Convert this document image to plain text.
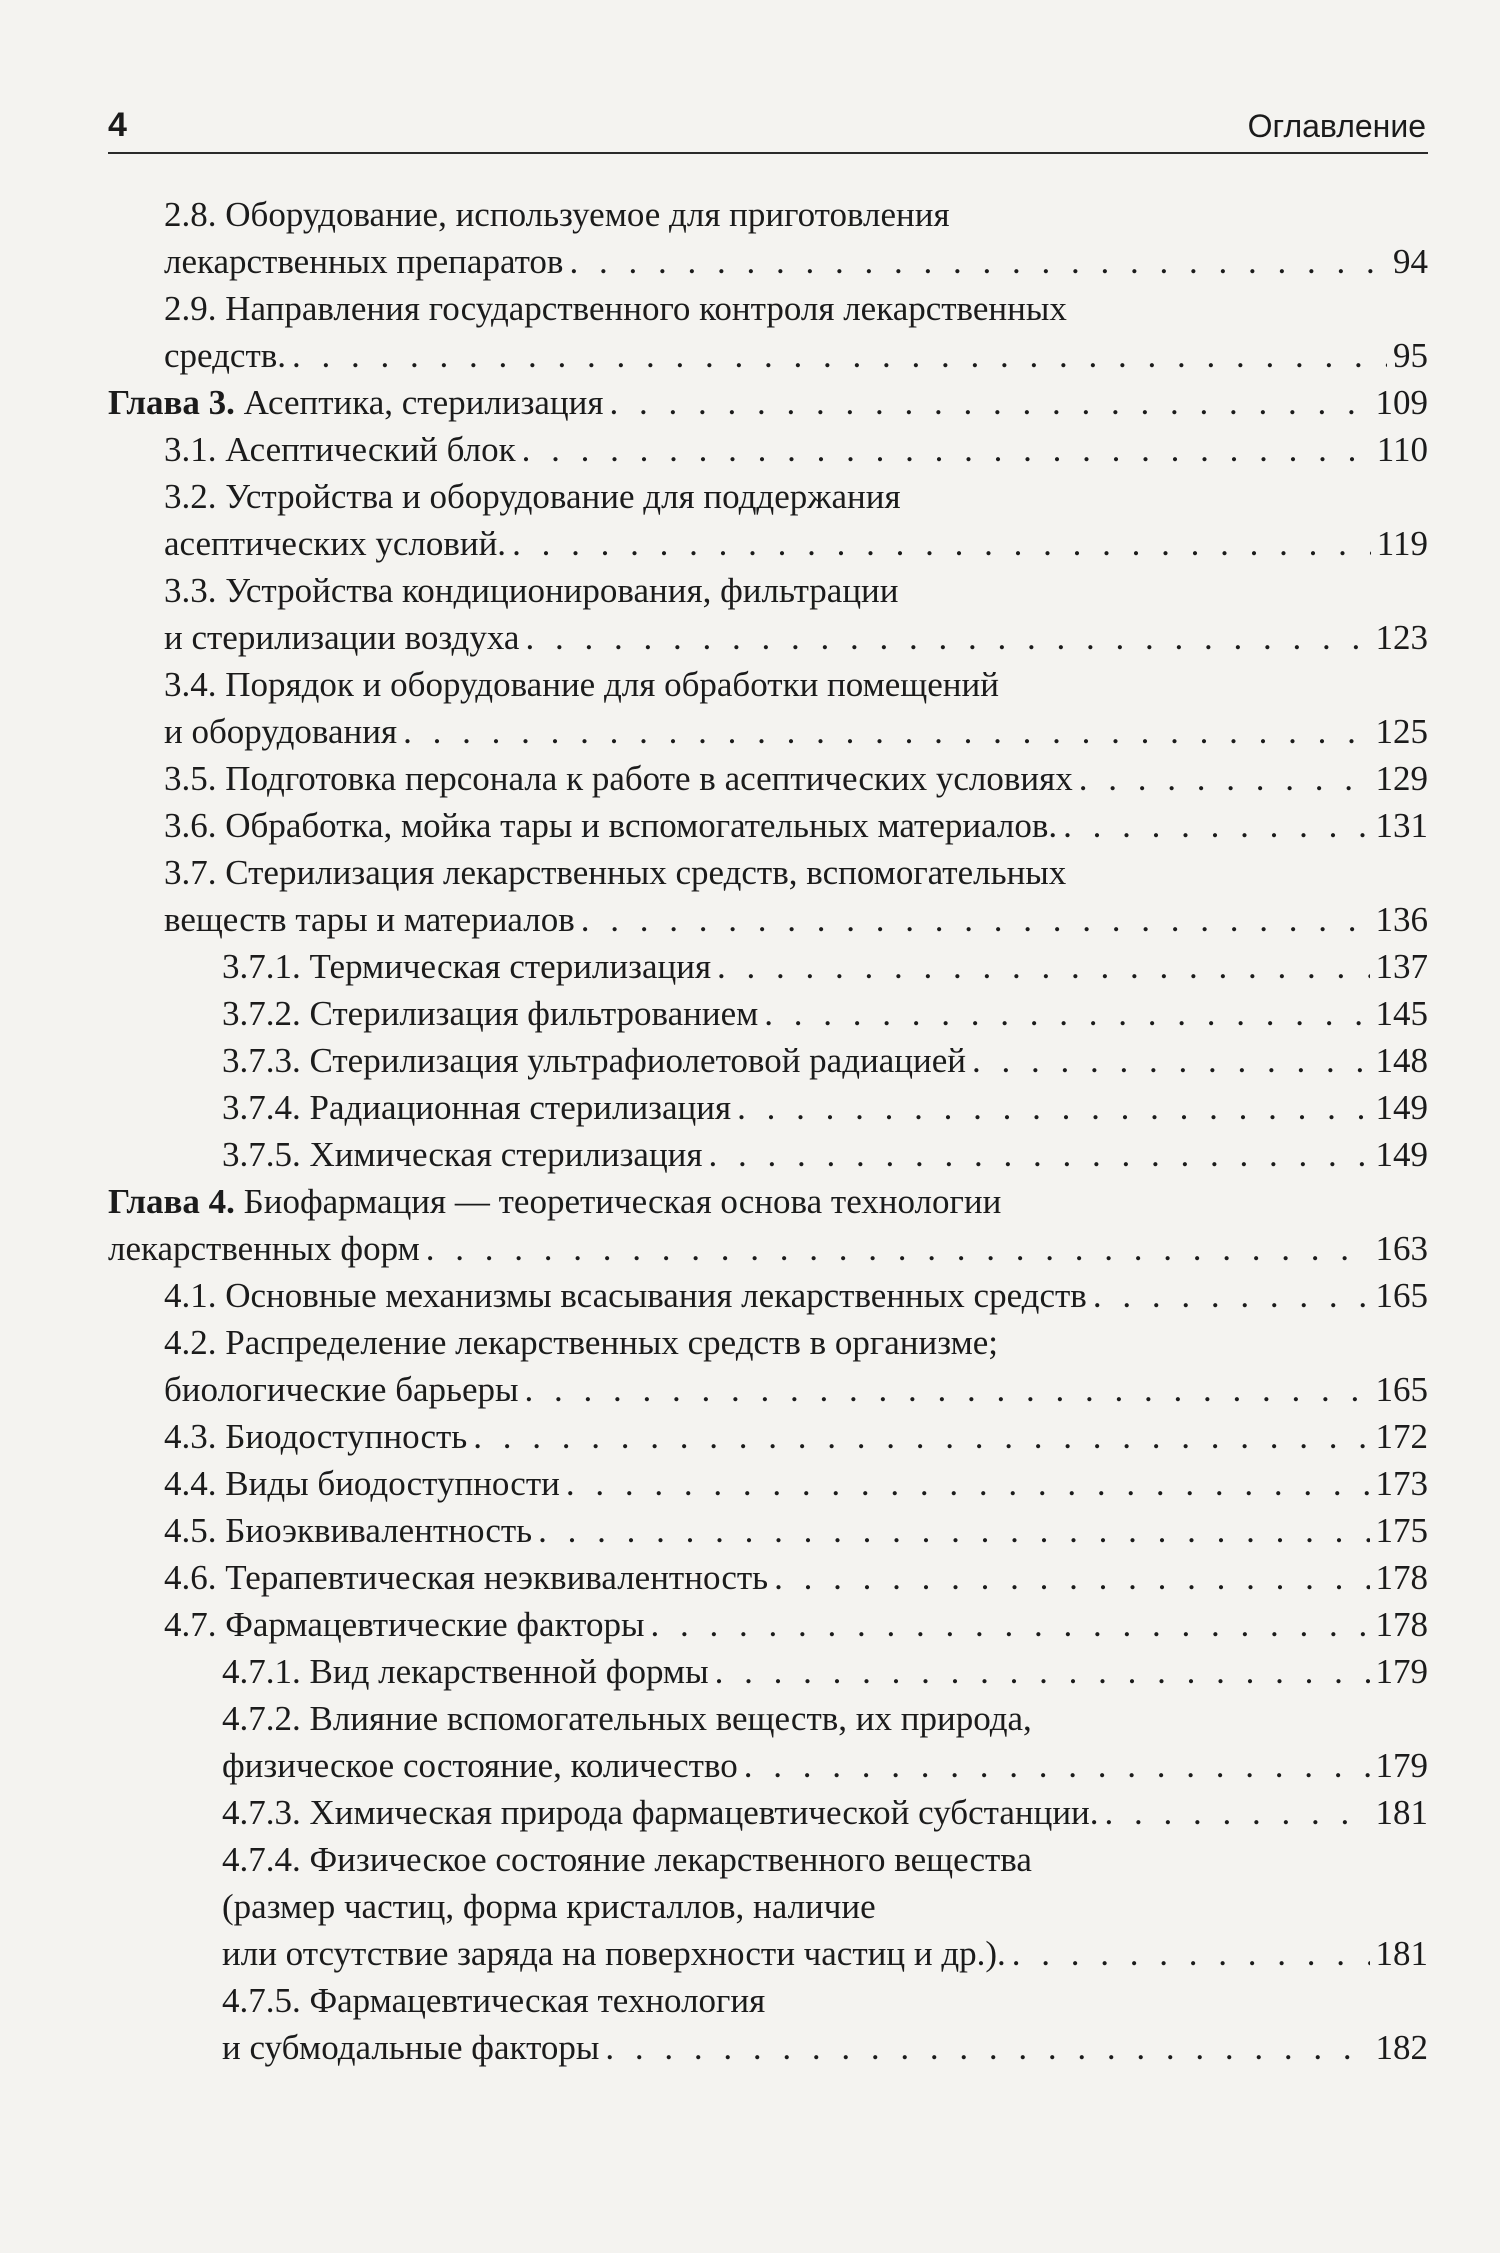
4	Оглавление
2.8. Оборудование, используемое для приготовления
лекарственных препаратов . . .	94
2.9. Направления государственного контроля лекарственных
средств. . . .	95
Глава 3. Асептика, стерилизация . . .	109
3.1. Асептический блок . . .	110
3.2. Устройства и оборудование для поддержания
асептических условий. . . .	119
3.3. Устройства кондиционирования, фильтрации
и стерилизации воздуха . . .	123
3.4. Порядок и оборудование для обработки помещений
и оборудования . . .	125
3.5. Подготовка персонала к работе в асептических условиях . . .	129
3.6. Обработка, мойка тары и вспомогательных материалов. . . .	131
3.7. Стерилизация лекарственных средств, вспомогательных
веществ тары и материалов . . .	136
3.7.1. Термическая стерилизация . . .	137
3.7.2. Стерилизация фильтрованием . . .	145
3.7.3. Стерилизация ультрафиолетовой радиацией . . .	148
3.7.4. Радиационная стерилизация . . .	149
3.7.5. Химическая стерилизация . . .	149
Глава 4. Биофармация — теоретическая основа технологии
лекарственных форм . . .	163
4.1. Основные механизмы всасывания лекарственных средств . . .	165
4.2. Распределение лекарственных средств в организме;
биологические барьеры . . .	165
4.3. Биодоступность . . .	172
4.4. Виды биодоступности . . .	173
4.5. Биоэквивалентность . . .	175
4.6. Терапевтическая неэквивалентность . . .	178
4.7. Фармацевтические факторы . . .	178
4.7.1. Вид лекарственной формы . . .	179
4.7.2. Влияние вспомогательных веществ, их природа,
физическое состояние, количество . . .	179
4.7.3. Химическая природа фармацевтической субстанции. . . .	181
4.7.4. Физическое состояние лекарственного вещества
(размер частиц, форма кристаллов, наличие
или отсутствие заряда на поверхности частиц и др.). . . .	181
4.7.5. Фармацевтическая технология
и субмодальные факторы . . .	182
